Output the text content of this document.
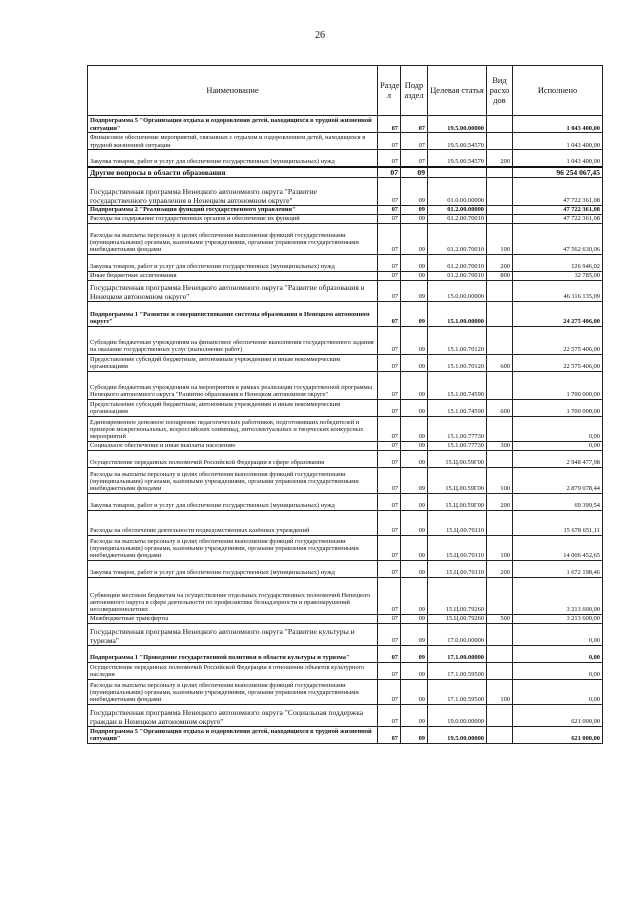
26
Наименование	Разде л	Подр аздел	Целевая статья	Вид расхо дов	Исполнено
Подпрограмма 5 "Организация отдыха и оздоровления детей, находящихся в трудной жизненной ситуации"	07	07	19.5.00.00000		1 043 400,00
Финансовое обеспечение мероприятий, связанных с отдыхом и оздоровлением детей, находящихся в трудной жизненной ситуации	07	07	19.5.00.54570		1 043 400,00
Закупка товаров, работ и услуг для обеспечения государственных (муниципальных) нужд	07	07	19.5.00.54570	200	1 043 400,00
Другие вопросы в области образования	07	09			96 254 067,45
Государственная программа Ненецкого автономного округа "Развитие государственного управления в Ненецком автономном округе"	07	09	01.0.00.00000		47 722 361,08
Подпрограмма 2 "Реализация функций государственного управления"	07	09	01.2.00.00000		47 722 361,08
Расходы на содержание государственных органов и обеспечение их функций	07	09	01.2.00.70010		47 722 361,08
Расходы на выплаты персоналу в целях обеспечения выполнения функций государственными (муниципальными) органами, казенными учреждениями, органами управления государственными внебюджетными фондами	07	09	01.2.00.70010	100	47 562 630,06
Закупка товаров, работ и услуг для обеспечения государственных (муниципальных) нужд	07	09	01.2.00.70010	200	126 946,02
Иные бюджетные ассигнования	07	09	01.2.00.70010	800	32 785,00
Государственная программа Ненецкого автономного округа "Развитие образования в Ненецком автономном округе"	07	09	15.0.00.00000		46 116 135,09
Подпрограмма 1 "Развитие и совершенствование системы образования в Ненецком автономном округе"	07	09	15.1.00.00000		24 275 406,00
Субсидии бюджетным учреждениям на финансовое обеспечение выполнения государственного задания на оказание государственных услуг (выполнение работ)	07	09	15.1.00.70120		22 575 406,00
Предоставление субсидий бюджетным, автономным учреждениям и иным некоммерческим организациям	07	09	15.1.00.70120	600	22 575 406,00
Субсидии бюджетным учреждениям на мероприятия в рамках реализации государственной программы Ненецкого автономного округа "Развитие образования в Ненецком автономном округе"	07	09	15.1.00.74590		1 700 000,00
Предоставление субсидий бюджетным, автономным учреждениям и иным некоммерческим организациям	07	09	15.1.00.74590	600	1 700 000,00
Единовременное денежное поощрение педагогических работников, подготовивших победителей и призеров межрегиональных, всероссийских олимпиад, интеллектуальных и творческих конкурсных мероприятий	07	09	15.1.00.77730		0,00
Социальное обеспечение и иные выплаты населению	07	09	15.1.00.77730	300	0,00
Осуществление переданных полномочий Российской Федерации в сфере образования	07	09	15.Ц.00.59Г00		2 948 477,98
Расходы на выплаты персоналу в целях обеспечения выполнения функций государственными (муниципальными) органами, казенными учреждениями, органами управления государственными внебюджетными фондами	07	09	15.Ц.00.59Г00	100	2 879 078,44
Закупка товаров, работ и услуг для обеспечения государственных (муниципальных) нужд	07	09	15.Ц.00.59Г00	200	69 399,54
Расходы на обеспечение деятельности подведомственных казённых учреждений	07	09	15.Ц.00.70110		15 678 651,11
Расходы на выплаты персоналу в целях обеспечения выполнения функций государственными (муниципальными) органами, казенными учреждениями, органами управления государственными внебюджетными фондами	07	09	15.Ц.00.70110	100	14 006 452,65
Закупка товаров, работ и услуг для обеспечения государственных (муниципальных) нужд	07	09	15.Ц.00.70110	200	1 672 198,46
Субвенции местным бюджетам на осуществление отдельных государственных полномочий Ненецкого автономного округа в сфере деятельности по профилактике безнадзорности и правонарушений несовершеннолетних	07	09	15.Ц.00.79260		3 213 600,00
Межбюджетные трансферты	07	09	15.Ц.00.79260	500	3 213 600,00
Государственная программа Ненецкого автономного округа "Развитие культуры и туризма"	07	09	17.0.00.00000		0,00
Подпрограмма 1 "Проведение государственной политики в области культуры и туризма"	07	09	17.1.00.00000		0,00
Осуществление переданных полномочий Российской Федерации в отношении объектов культурного наследия	07	09	17.1.00.59500		0,00
Расходы на выплаты персоналу в целях обеспечения выполнения функций государственными (муниципальными) органами, казенными учреждениями, органами управления государственными внебюджетными фондами	07	09	17.1.00.59500	100	0,00
Государственная программа Ненецкого автономного округа "Социальная поддержка граждан в Ненецком автономном округе"	07	09	19.0.00.00000		621 000,00
Подпрограмма 5 "Организация отдыха и оздоровления детей, находящихся в трудной жизненной ситуации"	07	09	19.5.00.00000		621 000,00
